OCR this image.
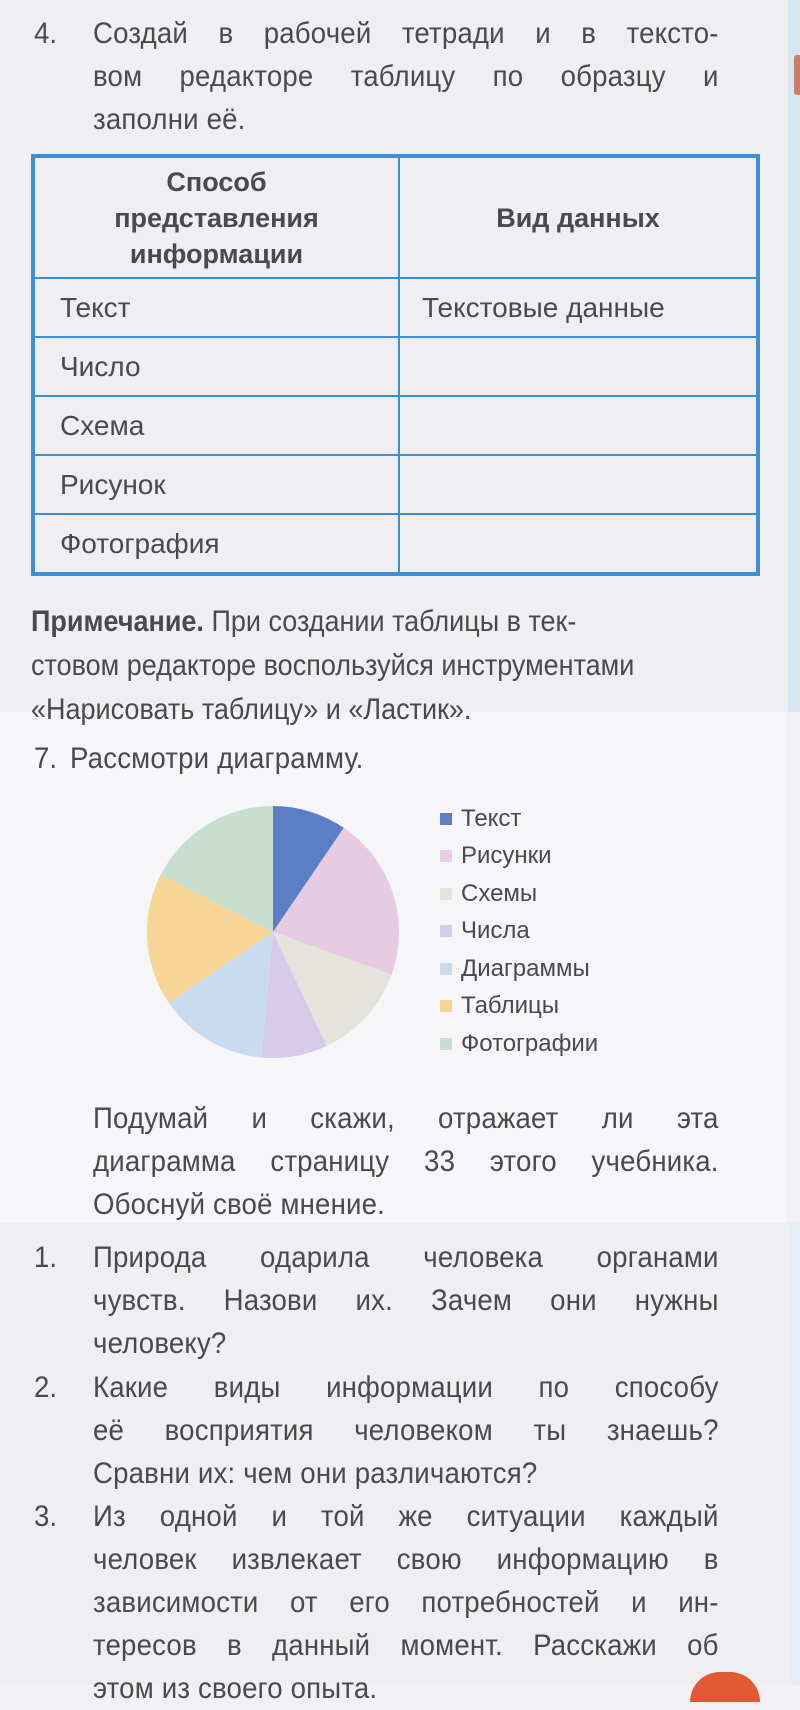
4. Создай в рабочей тетради и в тексто-
вом редакторе таблицу по образцу и
заполни её.
Способ
представления
информации	Вид данных
Текст	Текстовые данные
Число	
Схема	
Рисунок	
Фотография	
Примечание. При создании таблицы в тек-
стовом редакторе воспользуйся инструментами
«Нарисовать таблицу» и «Ластик».
7. Рассмотри диаграмму.
Текст
Рисунки
Схемы
Числа
Диаграммы
Таблицы
Фотографии
Подумай и скажи, отражает ли эта
диаграмма страницу 33 этого учебника.
Обоснуй своё мнение.
1. Природа одарила человека органами
чувств. Назови их. Зачем они нужны
человеку?
2. Какие виды информации по способу
её восприятия человеком ты знаешь?
Сравни их: чем они различаются?
3. Из одной и той же ситуации каждый
человек извлекает свою информацию в
зависимости от его потребностей и ин-
тересов в данный момент. Расскажи об
этом из своего опыта.
